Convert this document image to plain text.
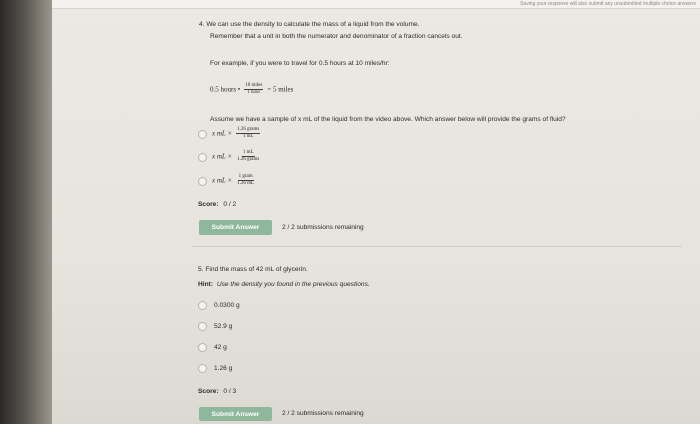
Saving your response will also submit any unsubmitted multiple choice answers
4. We can use the density to calculate the mass of a liquid from the volume.
Remember that a unit in both the numerator and denominator of a fraction cancels out.
For example, if you were to travel for 0.5 hours at 10 miles/hr:
0.5 hours • $\frac{\text{10 miles}}{\text{1 hour}} = 5$ miles
Assume we have a sample of x mL of the liquid from the video above. Which answer below will provide the grams of fluid?
x mL × $\frac{\text{1.26 grams}}{1 mL}$
x mL × $\frac{1 mL}{\text{1.26 grams}}$
x mL × $\frac{\text{1 gram}}{1.26 mL}$
Score: 0 / 2
Submit Answer	2 / 2 submissions remaining
5. Find the mass of 42 mL of glycerin.
Hint: Use the density you found in the previous questions.
0.0300 g
52.9 g
42 g
1.26 g
Score: 0 / 3
Submit Answer	2 / 2 submissions remaining
